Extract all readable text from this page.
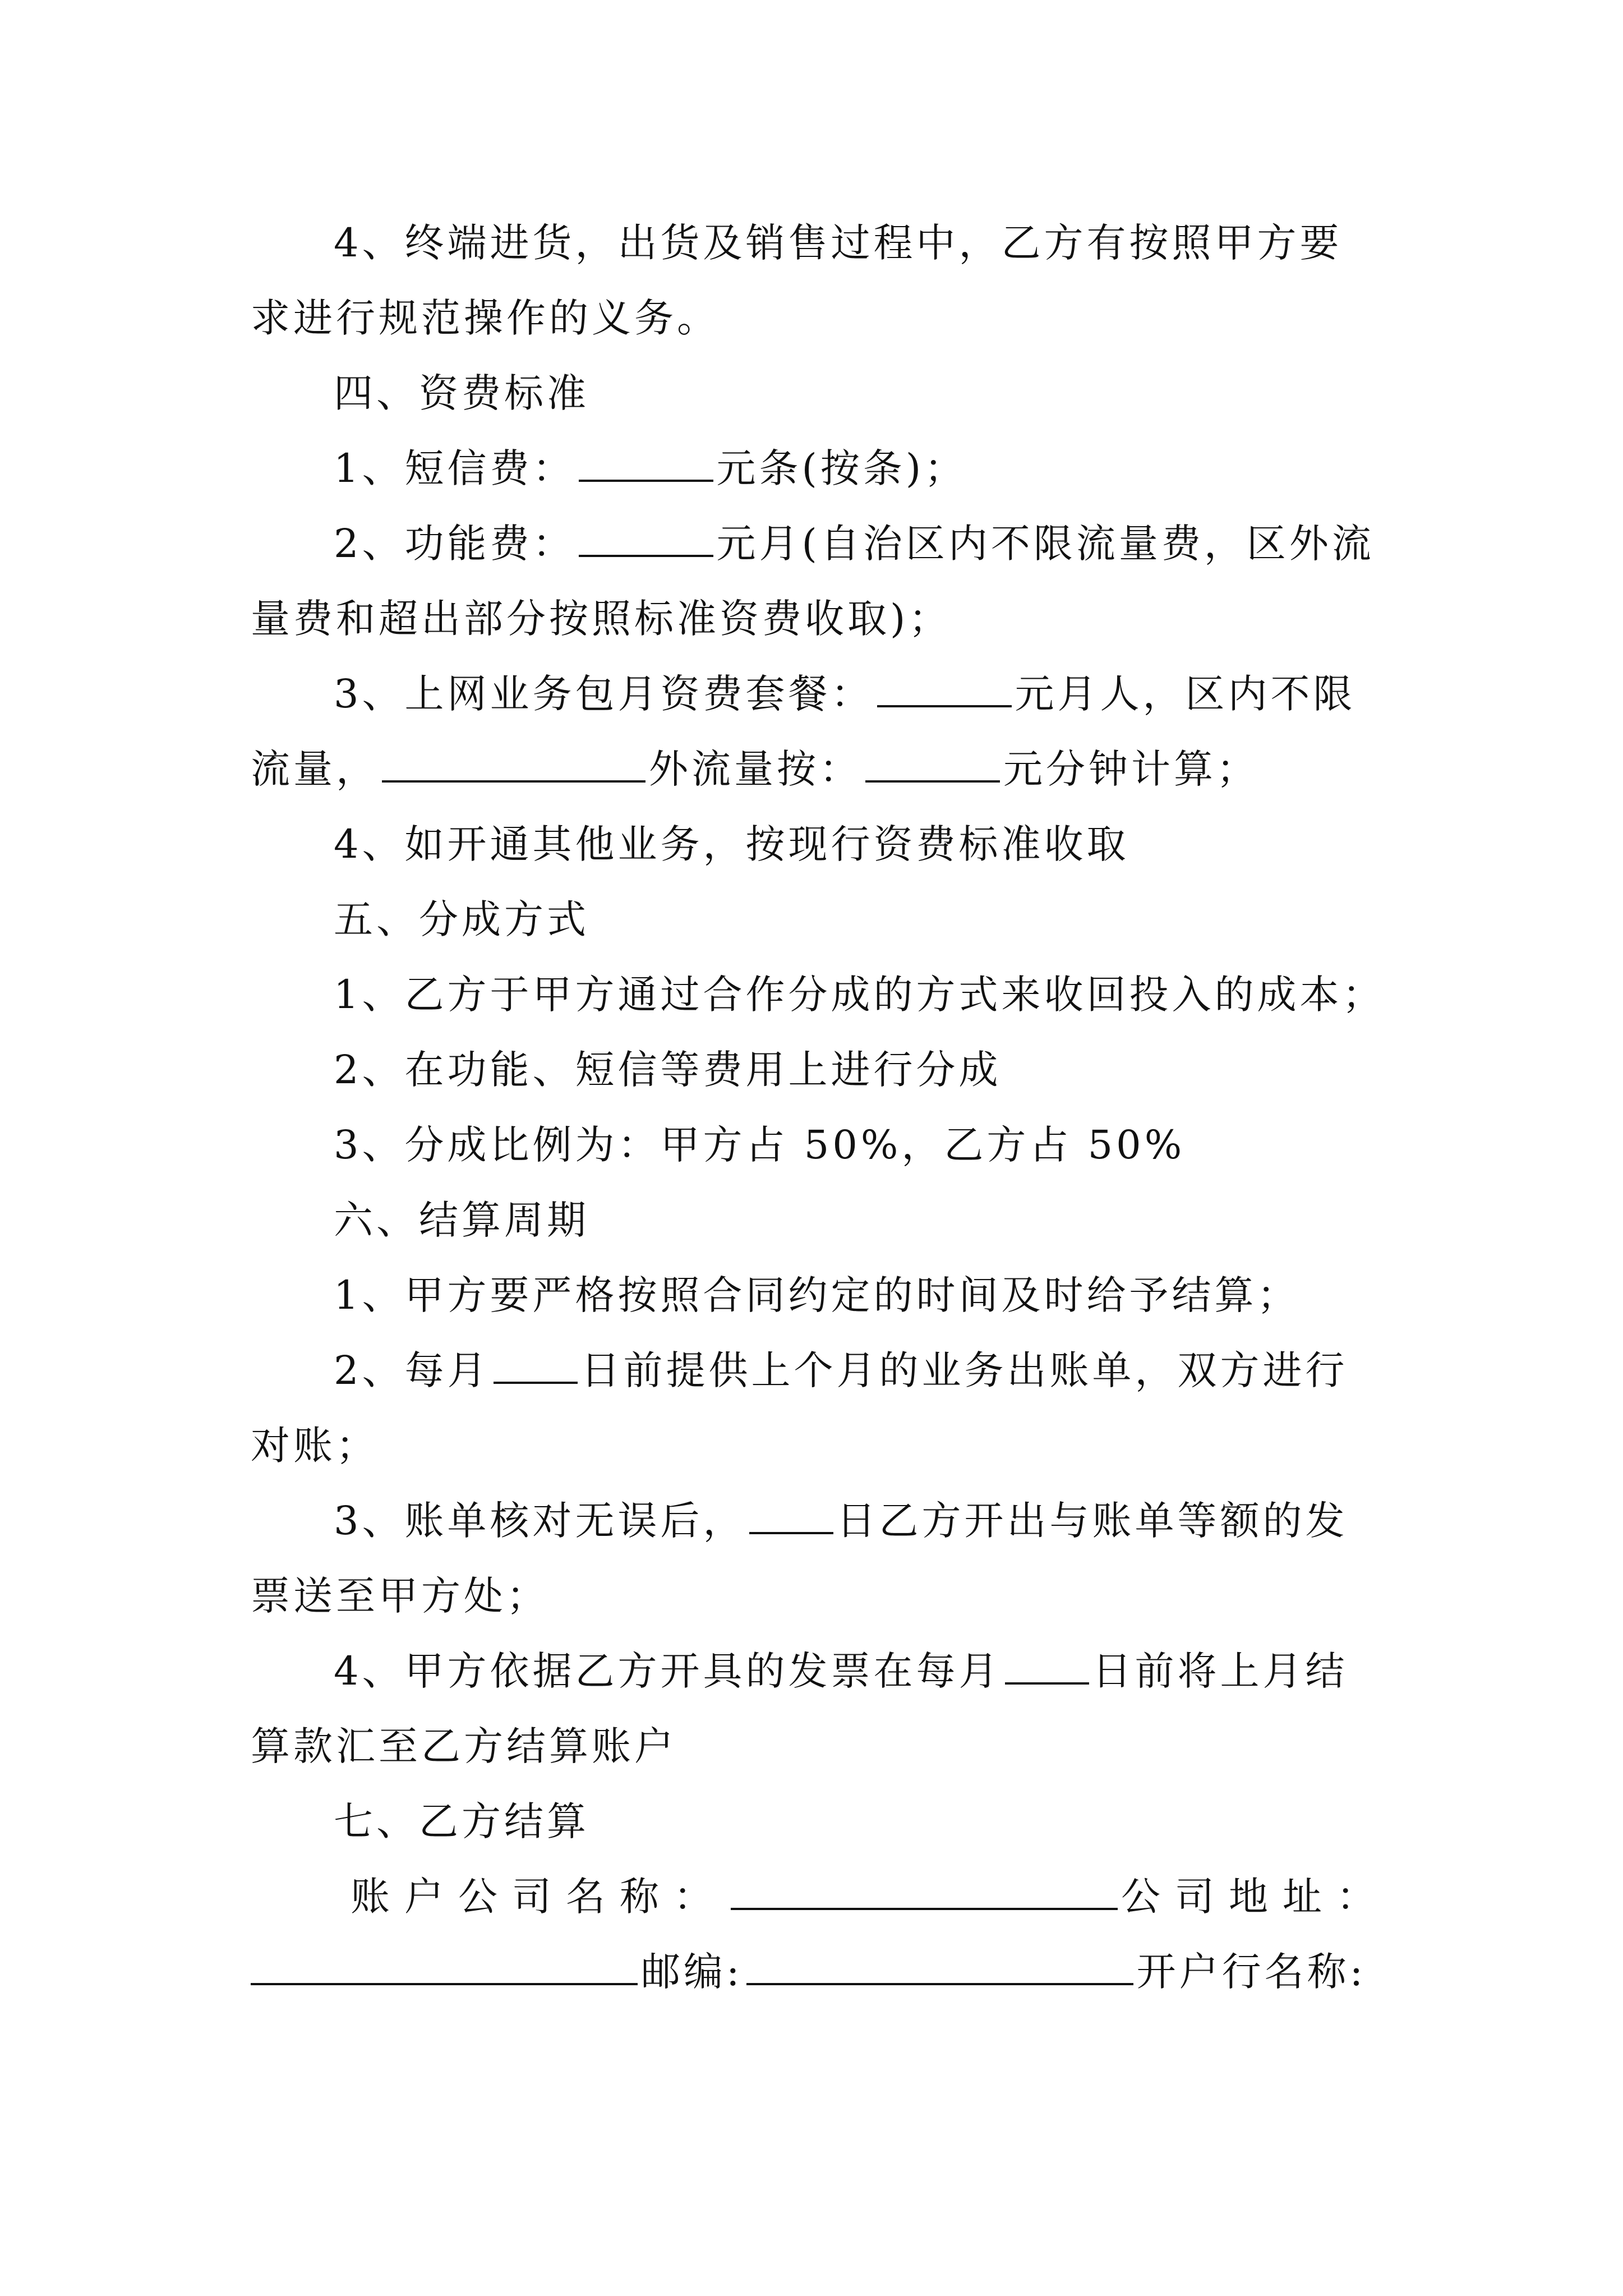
4、终端进货，出货及销售过程中，乙方有按照甲方要
求进行规范操作的义务。
四、资费标准
1、短信费：	元条(按条)；
2、功能费：	元月(自治区内不限流量费，区外流
量费和超出部分按照标准资费收取)；
3、上网业务包月资费套餐：	元月人，区内不限
流量，	外流量按：	元分钟计算；
4、如开通其他业务，按现行资费标准收取
五、分成方式
1、乙方于甲方通过合作分成的方式来收回投入的成本；
2、在功能、短信等费用上进行分成
3、分成比例为：甲方占 50%，乙方占 50%
六、结算周期
1、甲方要严格按照合同约定的时间及时给予结算；
2、每月 日前提供上个月的业务出账单，双方进行
对账；
3、账单核对无误后， 日乙方开出与账单等额的发
票送至甲方处；
4、甲方依据乙方开具的发票在每月 日前将上月结
算款汇至乙方结算账户
七、乙方结算
账户公司名称：	公司地址：
邮编:	开户行名称:
